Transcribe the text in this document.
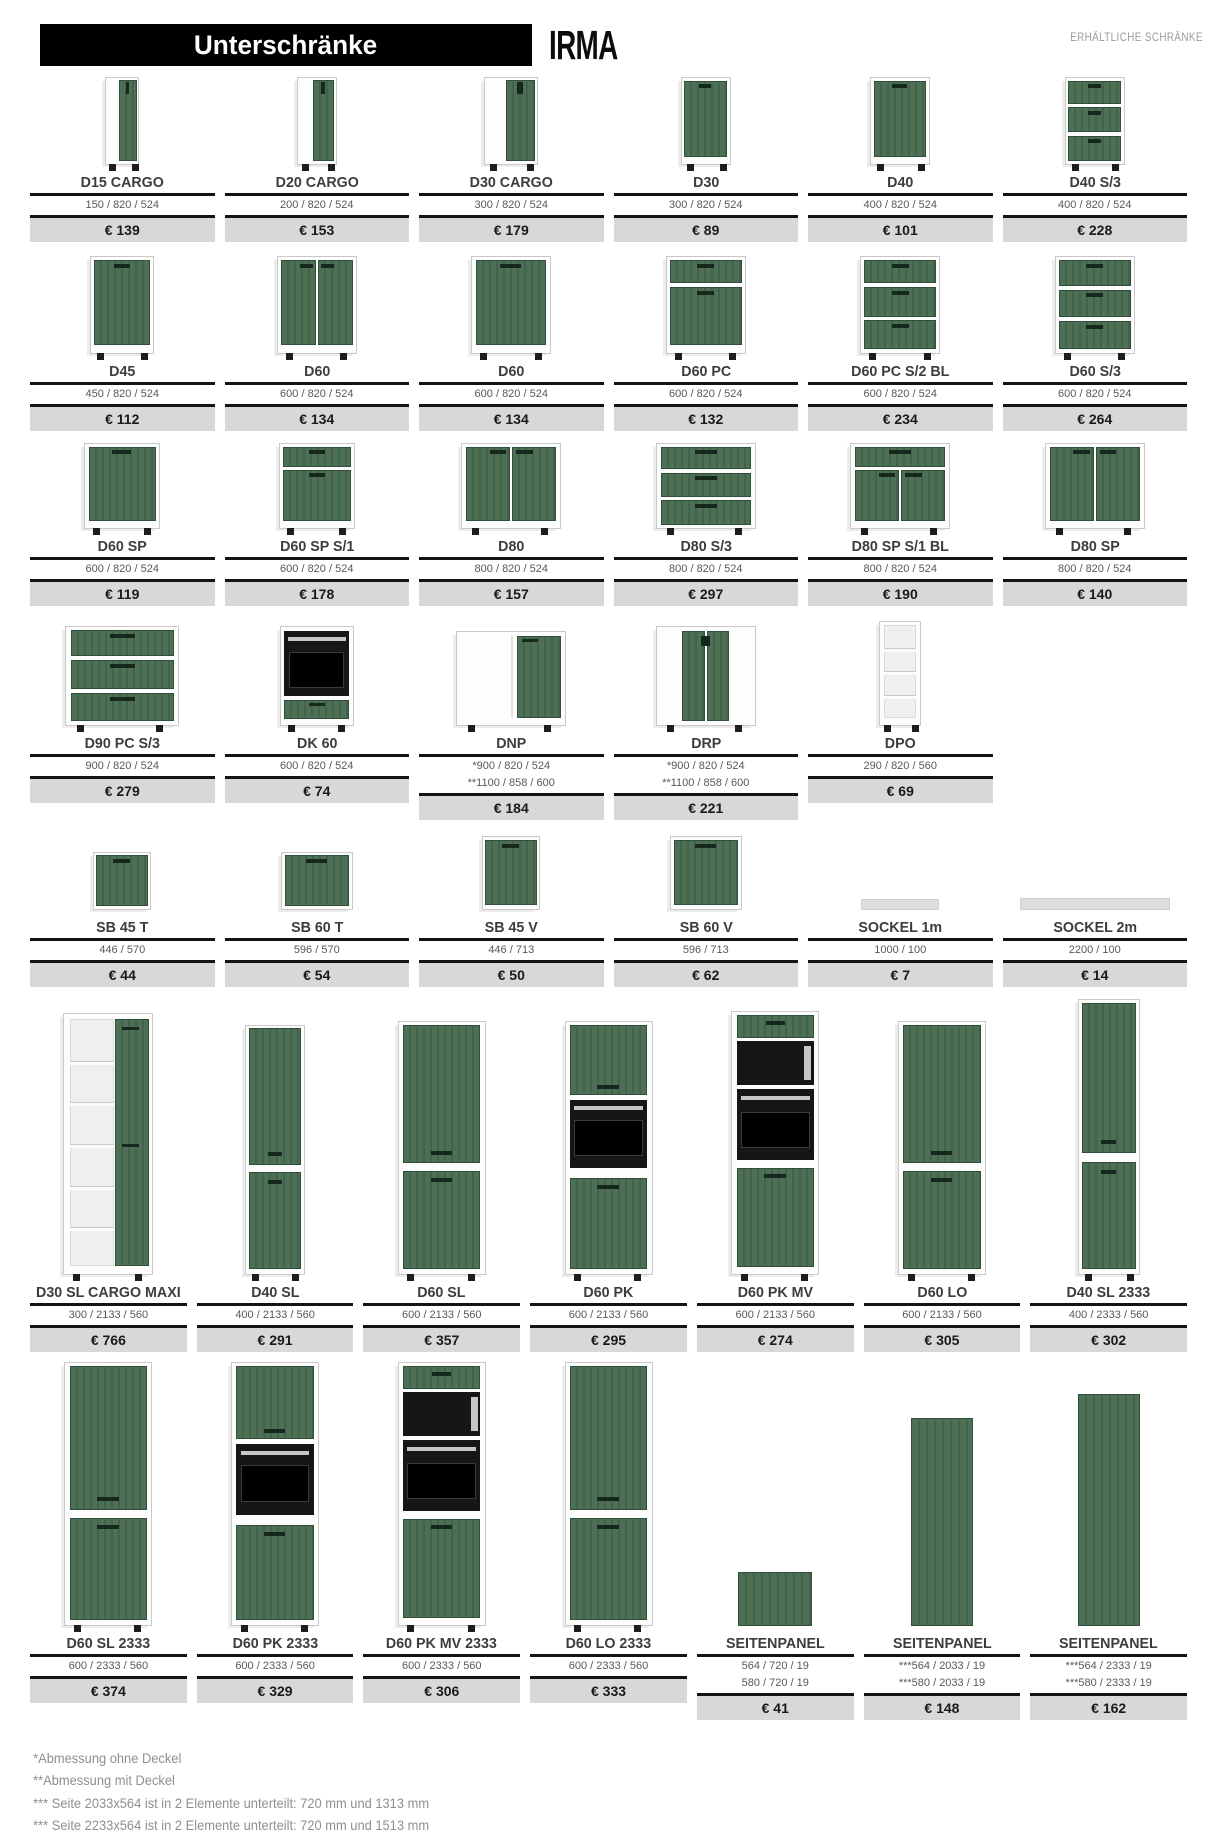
Unterschränke	IRMA	ERHÄLTLICHE SCHRÄNKE
D15 CARGO
150 / 820 / 524
€ 139
D20 CARGO
200 / 820 / 524
€ 153
D30 CARGO
300 / 820 / 524
€ 179
D30
300 / 820 / 524
€ 89
D40
400 / 820 / 524
€ 101
D40 S/3
400 / 820 / 524
€ 228
D45
450 / 820 / 524
€ 112
D60
600 / 820 / 524
€ 134
D60
600 / 820 / 524
€ 134
D60 PC
600 / 820 / 524
€ 132
D60 PC S/2 BL
600 / 820 / 524
€ 234
D60 S/3
600 / 820 / 524
€ 264
D60 SP
600 / 820 / 524
€ 119
D60 SP S/1
600 / 820 / 524
€ 178
D80
800 / 820 / 524
€ 157
D80 S/3
800 / 820 / 524
€ 297
D80 SP S/1 BL
800 / 820 / 524
€ 190
D80 SP
800 / 820 / 524
€ 140
D90 PC S/3
900 / 820 / 524
€ 279
DK 60
600 / 820 / 524
€ 74
DNP
*900 / 820 / 524
**1100 / 858 / 600
€ 184
DRP
*900 / 820 / 524
**1100 / 858 / 600
€ 221
DPO
290 / 820 / 560
€ 69
SB 45 T
446 / 570
€ 44
SB 60 T
596 / 570
€ 54
SB 45 V
446 / 713
€ 50
SB 60 V
596 / 713
€ 62
SOCKEL 1m
1000 / 100
€ 7
SOCKEL 2m
2200 / 100
€ 14
D30 SL CARGO MAXI
300 / 2133 / 560
€ 766
D40 SL
400 / 2133 / 560
€ 291
D60 SL
600 / 2133 / 560
€ 357
D60 PK
600 / 2133 / 560
€ 295
D60 PK MV
600 / 2133 / 560
€ 274
D60 LO
600 / 2133 / 560
€ 305
D40 SL 2333
400 / 2333 / 560
€ 302
D60 SL 2333
600 / 2333 / 560
€ 374
D60 PK 2333
600 / 2333 / 560
€ 329
D60 PK MV 2333
600 / 2333 / 560
€ 306
D60 LO 2333
600 / 2333 / 560
€ 333
SEITENPANEL
564 / 720 / 19
580 / 720 / 19
€ 41
SEITENPANEL
***564 / 2033 / 19
***580 / 2033 / 19
€ 148
SEITENPANEL
***564 / 2333 / 19
***580 / 2333 / 19
€ 162
*Abmessung ohne Deckel
**Abmessung mit Deckel
*** Seite 2033x564 ist in 2 Elemente unterteilt: 720 mm und 1313 mm
*** Seite 2233x564 ist in 2 Elemente unterteilt: 720 mm und 1513 mm
